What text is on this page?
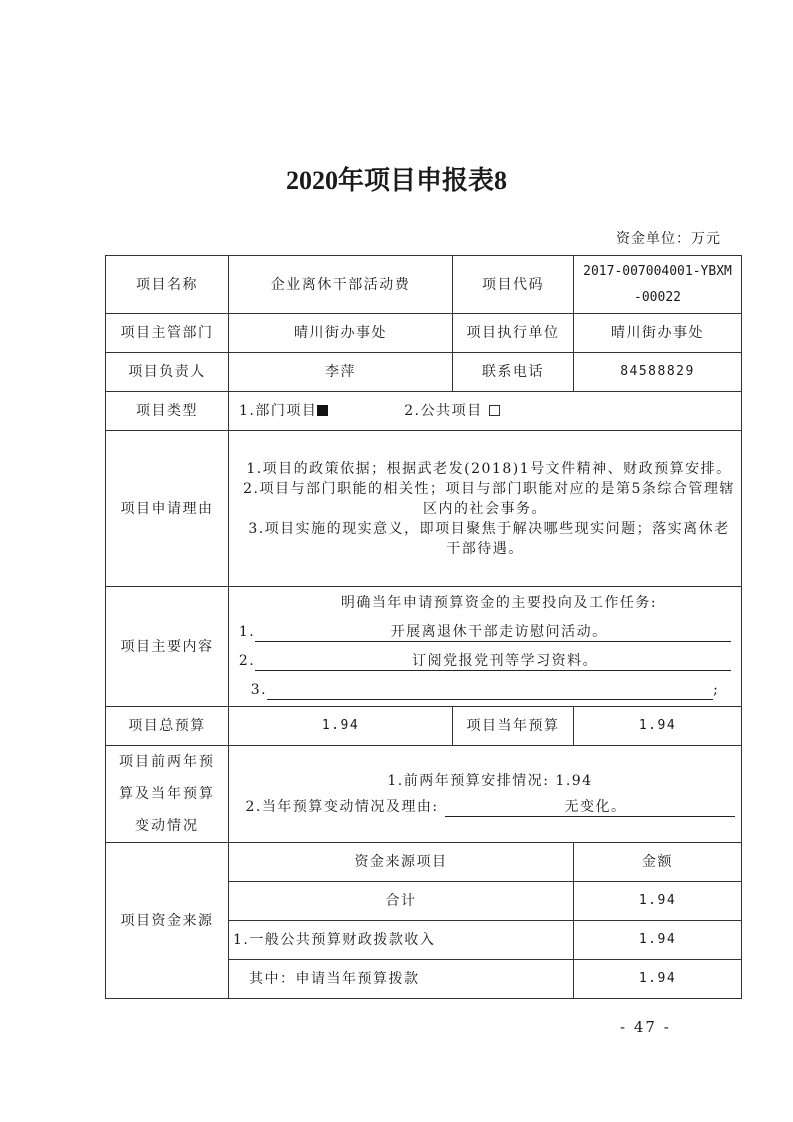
2020年项目申报表8
资金单位：万元
项目名称	企业离休干部活动费	项目代码	2017-007004001-YBXM
-00022

项目主管部门	晴川街办事处	项目执行单位	晴川街办事处
项目负责人	李萍	联系电话	84588829
项目类型	1.部门项目 2.公共项目		
项目申请理由	1.项目的政策依据；根据武老发(2018)1号文件精神、财政预算安排。

2.项目与部门职能的相关性；项目与部门职能对应的是第5条综合管理辖区内的社会事务。

3.项目实施的现实意义，即项目聚焦于解决哪些现实问题；落实离休老干部待遇。		

项目主要内容	明确当年申请预算资金的主要投向及工作任务:

1. 开展离退休干部走访慰问活动。

2. 订阅党报党刊等学习资料。

3. ;		

项目总预算	1.94	项目当年预算	1.94
项目前两年预算及当年预算变动情况	1.前两年预算安排情况: 1.94

2.当年预算变动情况及理由: 无变化。		

项目资金来源	资金来源项目		金额
	合计		1.94
	1.一般公共预算财政拨款收入		1.94
	其中：申请当年预算拨款		1.94
- 47 -
